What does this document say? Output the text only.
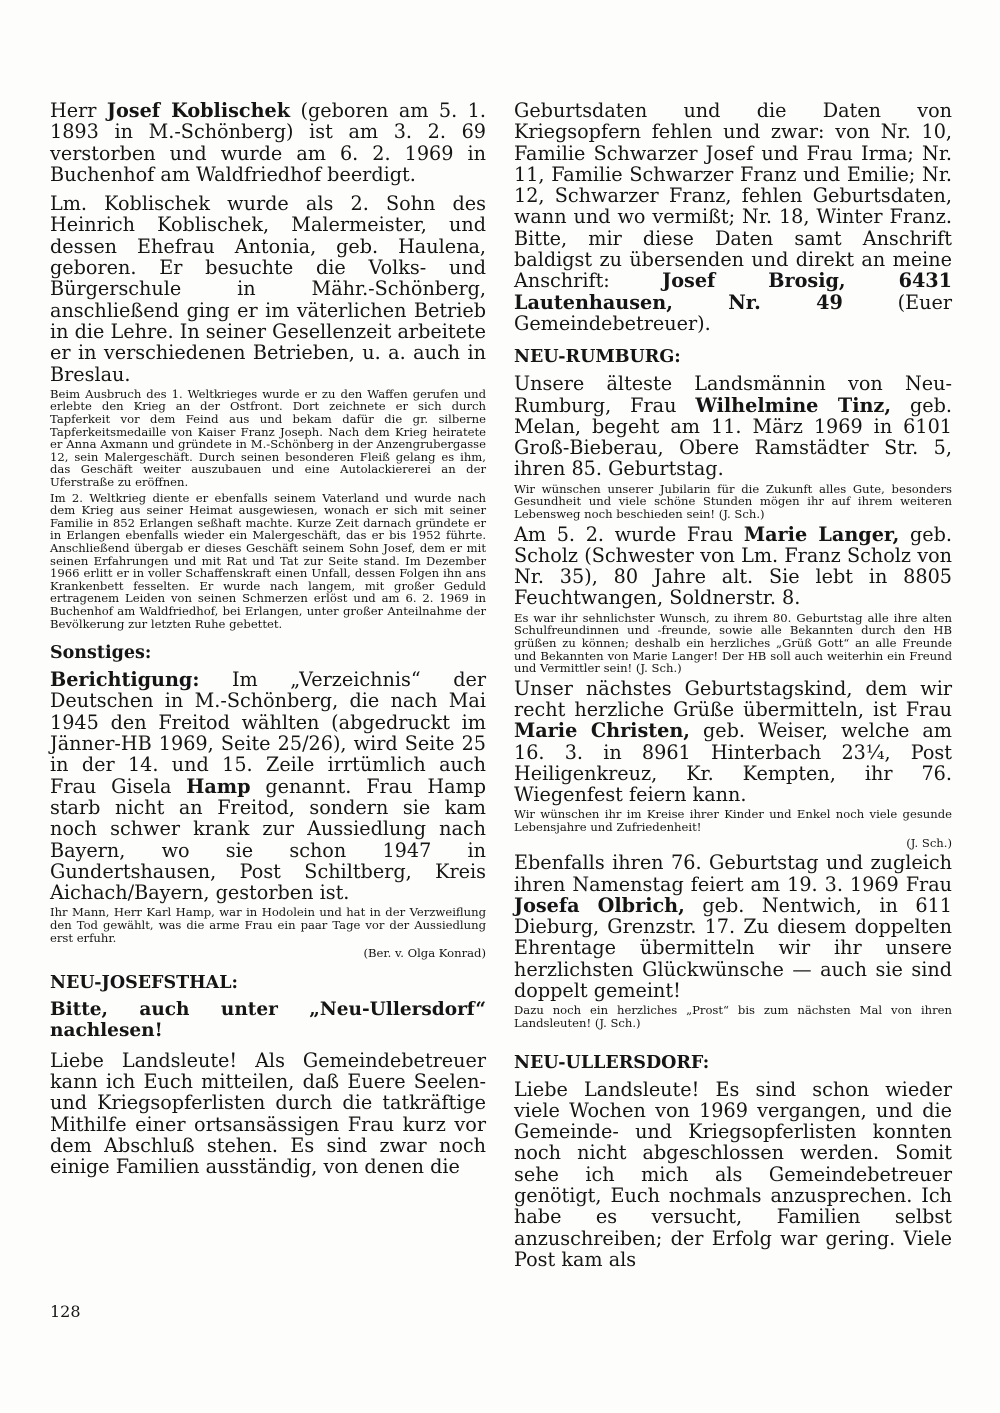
Herr Josef Koblischek (geboren am 5. 1. 1893 in M.-Schönberg) ist am 3. 2. 69 verstorben und wurde am 6. 2. 1969 in Buchenhof am Waldfriedhof beerdigt.

Lm. Koblischek wurde als 2. Sohn des Heinrich Koblischek, Malermeister, und dessen Ehefrau Antonia, geb. Haulena, geboren. Er besuchte die Volks- und Bürgerschule in Mähr.-Schönberg, anschließend ging er im väterlichen Betrieb in die Lehre. In seiner Gesellenzeit arbeitete er in verschiedenen Betrieben, u. a. auch in Breslau.

Beim Ausbruch des 1. Weltkrieges wurde er zu den Waffen gerufen und erlebte den Krieg an der Ostfront. Dort zeichnete er sich durch Tapferkeit vor dem Feind aus und bekam dafür die gr. silberne Tapferkeitsmedaille von Kaiser Franz Joseph. Nach dem Krieg heiratete er Anna Axmann und gründete in M.-Schönberg in der Anzengrubergasse 12, sein Malergeschäft. Durch seinen besonderen Fleiß gelang es ihm, das Geschäft weiter auszubauen und eine Autolackiererei an der Uferstraße zu eröffnen.

Im 2. Weltkrieg diente er ebenfalls seinem Vaterland und wurde nach dem Krieg aus seiner Heimat ausgewiesen, wonach er sich mit seiner Familie in 852 Erlangen seßhaft machte. Kurze Zeit darnach gründete er in Erlangen ebenfalls wieder ein Malergeschäft, das er bis 1952 führte. Anschließend übergab er dieses Geschäft seinem Sohn Josef, dem er mit seinen Erfahrungen und mit Rat und Tat zur Seite stand. Im Dezember 1966 erlitt er in voller Schaffenskraft einen Unfall, dessen Folgen ihn ans Krankenbett fesselten. Er wurde nach langem, mit großer Geduld ertragenem Leiden von seinen Schmerzen erlöst und am 6. 2. 1969 in Buchenhof am Waldfriedhof, bei Erlangen, unter großer Anteilnahme der Bevölkerung zur letzten Ruhe gebettet.

Sonstiges:

Berichtigung: Im „Verzeichnis“ der Deutschen in M.-Schönberg, die nach Mai 1945 den Freitod wählten (abgedruckt im Jänner-HB 1969, Seite 25/26), wird Seite 25 in der 14. und 15. Zeile irrtümlich auch Frau Gisela Hamp genannt. Frau Hamp starb nicht an Freitod, sondern sie kam noch schwer krank zur Aussiedlung nach Bayern, wo sie schon 1947 in Gundertshausen, Post Schiltberg, Kreis Aichach/Bayern, gestorben ist.

Ihr Mann, Herr Karl Hamp, war in Hodolein und hat in der Verzweiflung den Tod gewählt, was die arme Frau ein paar Tage vor der Aussiedlung erst erfuhr.

(Ber. v. Olga Konrad)

NEU-JOSEFSTHAL:

Bitte, auch unter „Neu-Ullersdorf“ nachlesen!

Liebe Landsleute! Als Gemeindebetreuer kann ich Euch mitteilen, daß Euere Seelen- und Kriegsopferlisten durch die tatkräftige Mithilfe einer ortsansässigen Frau kurz vor dem Abschluß stehen. Es sind zwar noch einige Familien ausständig, von denen die

Geburtsdaten und die Daten von Kriegsopfern fehlen und zwar: von Nr. 10, Familie Schwarzer Josef und Frau Irma; Nr. 11, Familie Schwarzer Franz und Emilie; Nr. 12, Schwarzer Franz, fehlen Geburtsdaten, wann und wo vermißt; Nr. 18, Winter Franz. Bitte, mir diese Daten samt Anschrift baldigst zu übersenden und direkt an meine Anschrift: Josef Brosig, 6431 Lautenhausen, Nr. 49 (Euer Gemeindebetreuer).

NEU-RUMBURG:

Unsere älteste Landsmännin von Neu-Rumburg, Frau Wilhelmine Tinz, geb. Melan, begeht am 11. März 1969 in 6101 Groß-Bieberau, Obere Ramstädter Str. 5, ihren 85. Geburtstag.

Wir wünschen unserer Jubilarin für die Zukunft alles Gute, besonders Gesundheit und viele schöne Stunden mögen ihr auf ihrem weiteren Lebensweg noch beschieden sein! (J. Sch.)

Am 5. 2. wurde Frau Marie Langer, geb. Scholz (Schwester von Lm. Franz Scholz von Nr. 35), 80 Jahre alt. Sie lebt in 8805 Feuchtwangen, Soldnerstr. 8.

Es war ihr sehnlichster Wunsch, zu ihrem 80. Geburtstag alle ihre alten Schulfreundinnen und -freunde, sowie alle Bekannten durch den HB grüßen zu können; deshalb ein herzliches „Grüß Gott“ an alle Freunde und Bekannten von Marie Langer! Der HB soll auch weiterhin ein Freund und Vermittler sein! (J. Sch.)

Unser nächstes Geburtstagskind, dem wir recht herzliche Grüße übermitteln, ist Frau Marie Christen, geb. Weiser, welche am 16. 3. in 8961 Hinterbach 23¼, Post Heiligenkreuz, Kr. Kempten, ihr 76. Wiegenfest feiern kann.

Wir wünschen ihr im Kreise ihrer Kinder und Enkel noch viele gesunde Lebensjahre und Zufriedenheit!

(J. Sch.)

Ebenfalls ihren 76. Geburtstag und zugleich ihren Namenstag feiert am 19. 3. 1969 Frau Josefa Olbrich, geb. Nentwich, in 611 Dieburg, Grenzstr. 17. Zu diesem doppelten Ehrentage übermitteln wir ihr unsere herzlichsten Glückwünsche — auch sie sind doppelt gemeint!

Dazu noch ein herzliches „Prost“ bis zum nächsten Mal von ihren Landsleuten! (J. Sch.)

NEU-ULLERSDORF:

Liebe Landsleute! Es sind schon wieder viele Wochen von 1969 vergangen, und die Gemeinde- und Kriegsopferlisten konnten noch nicht abgeschlossen werden. Somit sehe ich mich als Gemeindebetreuer genötigt, Euch nochmals anzusprechen. Ich habe es versucht, Familien selbst anzuschreiben; der Erfolg war gering. Viele Post kam als

128
